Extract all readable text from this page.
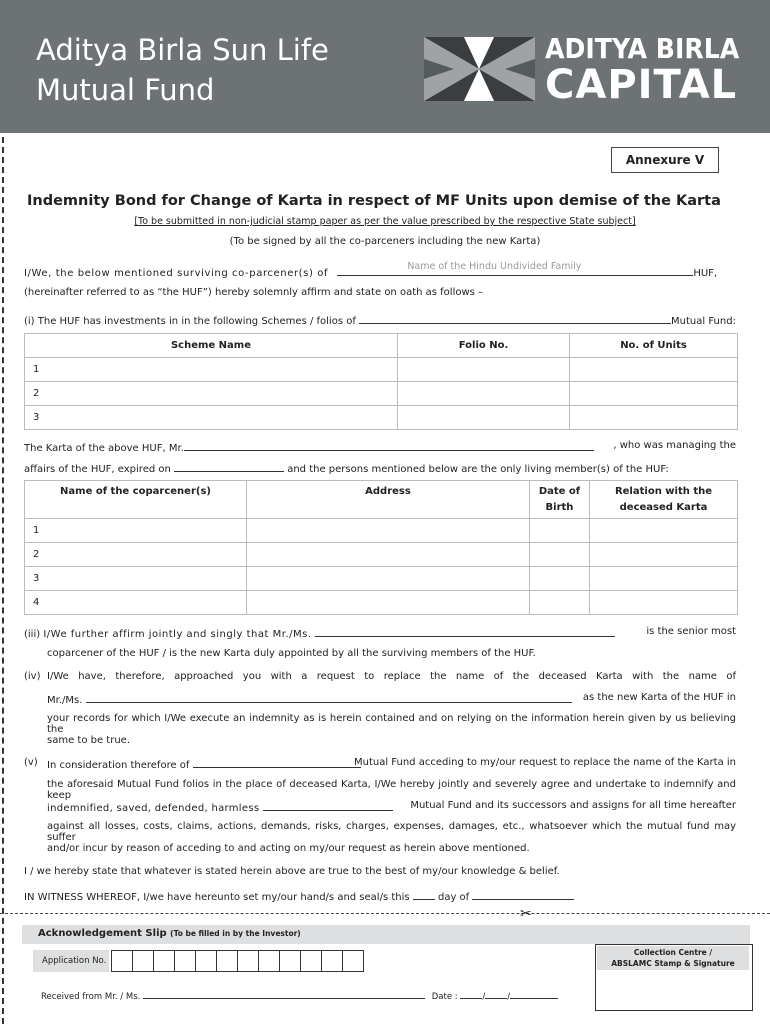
Aditya Birla Sun Life
Mutual Fund
ADITYA BIRLA
CAPITAL
Annexure V
Indemnity Bond for Change of Karta in respect of MF Units upon demise of the Karta
[To be submitted in non-judicial stamp paper as per the value prescribed by the respective State subject]
(To be signed by all the co-parceners including the new Karta)
I/We, the below mentioned surviving co-parcener(s) of
Name of the Hindu Undivided Family
HUF,
(hereinafter referred to as “the HUF”) hereby solemnly affirm and state on oath as follows –
(i) The HUF has investments in in the following Schemes / folios of	Mutual Fund:
Scheme Name	Folio No.	No. of Units
1		
2		
3		
The Karta of the above HUF, Mr.	, who was managing the
affairs of the HUF, expired on	and the persons mentioned below are the only living member(s) of the HUF:
Name of the coparcener(s)	Address	Date of Birth	Relation with the deceased Karta
1			
2			
3			
4			
(iii) I/We further affirm jointly and singly that Mr./Ms.	is the senior most
coparcener of the HUF / is the new Karta duly appointed by all the surviving members of the HUF.
(iv) I/We have, therefore, approached you with a request to replace the name of the deceased Karta with the name of
Mr./Ms.	as the new Karta of the HUF in
your records for which I/We execute an indemnity as is herein contained and on relying on the information herein given by us believing the
same to be true.
(v) In consideration therefore of	Mutual Fund acceding to my/our request to replace the name of the Karta in
the aforesaid Mutual Fund folios in the place of deceased Karta, I/We hereby jointly and severely agree and undertake to indemnify and keep
indemnified, saved, defended, harmless	Mutual Fund and its successors and assigns for all time hereafter
against all losses, costs, claims, actions, demands, risks, charges, expenses, damages, etc., whatsoever which the mutual fund may suffer
and/or incur by reason of acceding to and acting on my/our request as herein above mentioned.
I / we hereby state that whatever is stated herein above are true to the best of my/our knowledge & belief.
IN WITNESS WHEREOF, I/we have hereunto set my/our hand/s and seal/s this	day of
✂
Acknowledgement Slip (To be filled in by the Investor)
Application No.
Collection Centre /
ABSLAMC Stamp & Signature
Received from Mr. / Ms.	Date :	/	/
